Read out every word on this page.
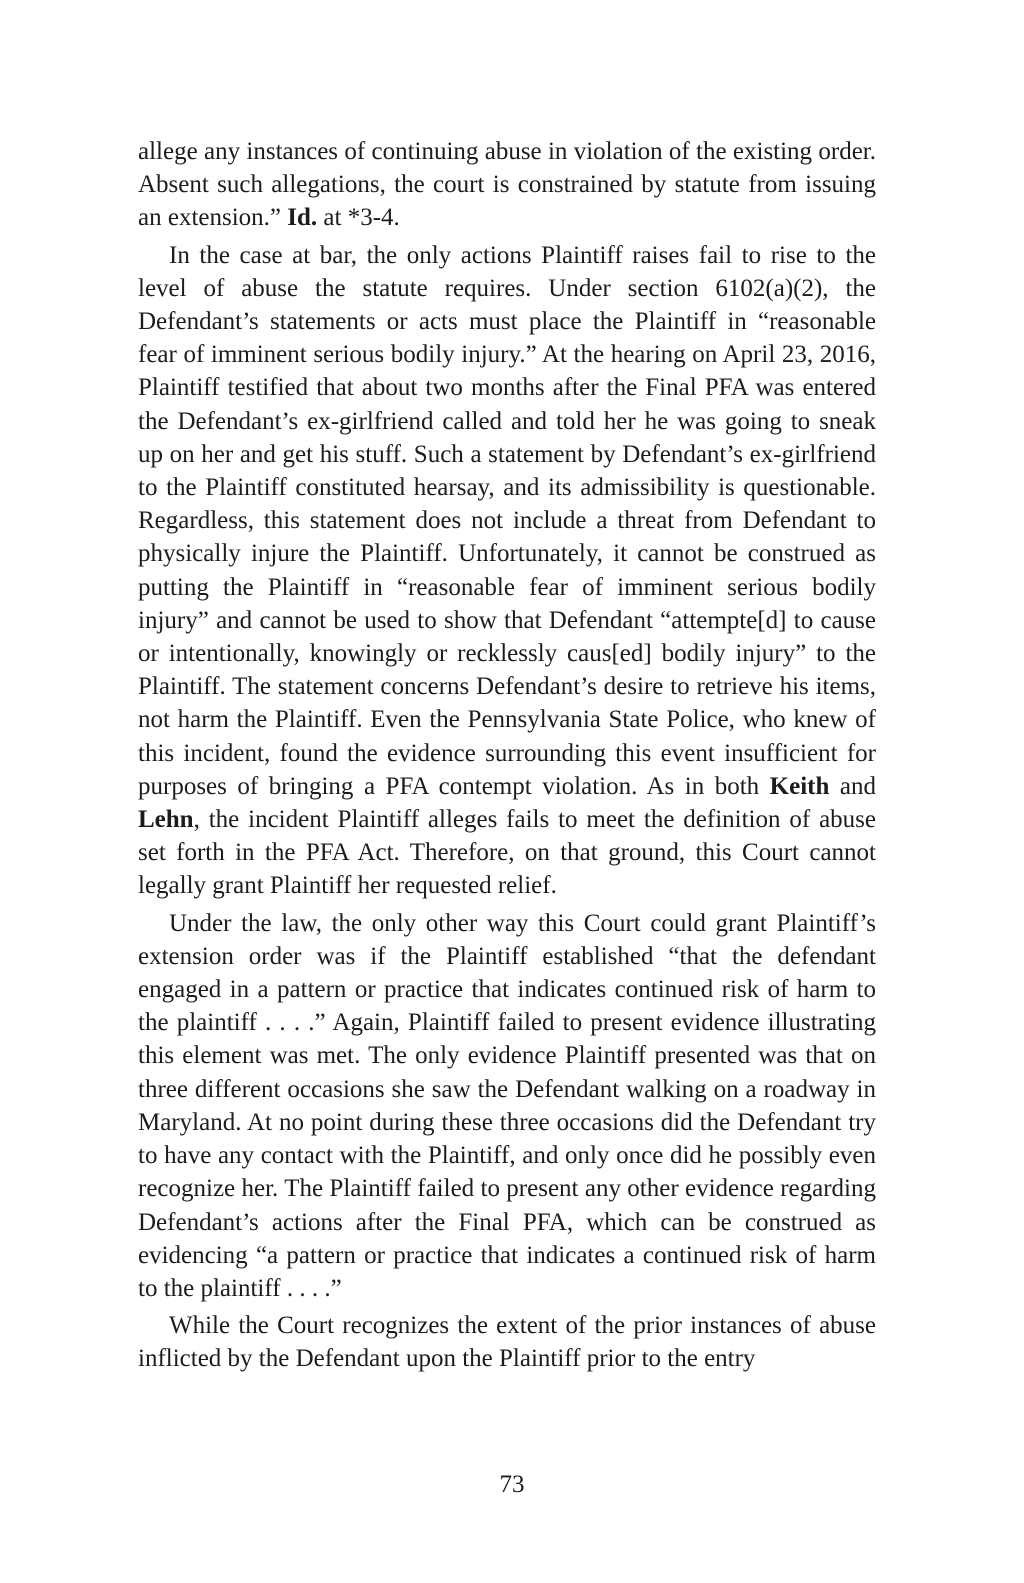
allege any instances of continuing abuse in violation of the existing order. Absent such allegations, the court is constrained by statute from issuing an extension.” Id. at *3-4.

In the case at bar, the only actions Plaintiff raises fail to rise to the level of abuse the statute requires. Under section 6102(a)(2), the Defendant’s statements or acts must place the Plaintiff in “reasonable fear of imminent serious bodily injury.” At the hearing on April 23, 2016, Plaintiff testified that about two months after the Final PFA was entered the Defendant’s ex-girlfriend called and told her he was going to sneak up on her and get his stuff. Such a statement by Defendant’s ex-girlfriend to the Plaintiff constituted hearsay, and its admissibility is questionable. Regardless, this statement does not include a threat from Defendant to physically injure the Plaintiff. Unfortunately, it cannot be construed as putting the Plaintiff in “reasonable fear of imminent serious bodily injury” and cannot be used to show that Defendant “attempte[d] to cause or intentionally, knowingly or recklessly caus[ed] bodily injury” to the Plaintiff. The statement concerns Defendant’s desire to retrieve his items, not harm the Plaintiff. Even the Pennsylvania State Police, who knew of this incident, found the evidence surrounding this event insufficient for purposes of bringing a PFA contempt violation. As in both Keith and Lehn, the incident Plaintiff alleges fails to meet the definition of abuse set forth in the PFA Act. Therefore, on that ground, this Court cannot legally grant Plaintiff her requested relief.

Under the law, the only other way this Court could grant Plaintiff’s extension order was if the Plaintiff established “that the defendant engaged in a pattern or practice that indicates continued risk of harm to the plaintiff . . . .” Again, Plaintiff failed to present evidence illustrating this element was met. The only evidence Plaintiff presented was that on three different occasions she saw the Defendant walking on a roadway in Maryland. At no point during these three occasions did the Defendant try to have any contact with the Plaintiff, and only once did he possibly even recognize her. The Plaintiff failed to present any other evidence regarding Defendant’s actions after the Final PFA, which can be construed as evidencing “a pattern or practice that indicates a continued risk of harm to the plaintiff . . . .”

While the Court recognizes the extent of the prior instances of abuse inflicted by the Defendant upon the Plaintiff prior to the entry

73
